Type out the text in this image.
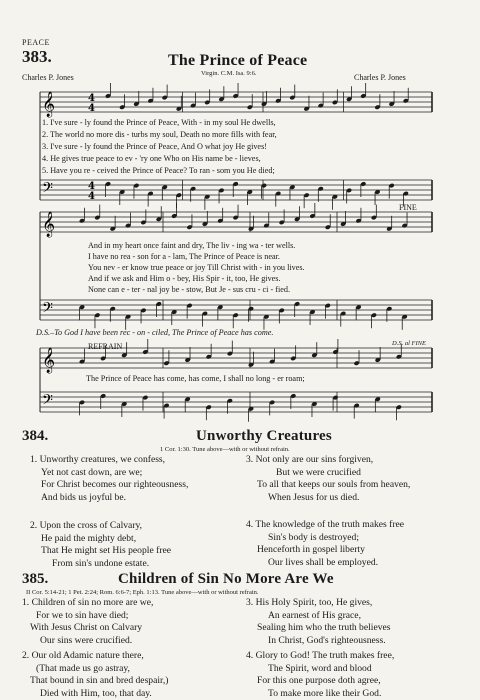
𝄞
𝄢
𝄞
𝄢
𝄞
𝄢
4
4
4
4
PEACE
383.	The Prince of Peace
Virgin. C.M. Isa. 9:6.
Charles P. Jones	Charles P. Jones
1. I've sure - ly found the Prince of Peace, With - in my soul He dwells,
2. The world no more dis - turbs my soul, Death no more fills with fear,
3. I've sure - ly found the Prince of Peace, And O what joy He gives!
4. He gives true peace to ev - 'ry one Who on His name be - lieves,
5. Have you re - ceived the Prince of Peace? To ran - som you He died;
FINE
And in my heart once faint and dry, The liv - ing wa - ter wells.
I have no rea - son for a - lam, The Prince of Peace is near.
You nev - er know true peace or joy Till Christ with - in you lives.
And if we ask and Him o - bey, His Spir - it, too, He gives.
None can e - ter - nal joy be - stow, But Je - sus cru - ci - fied.
D.S.–To God I have been rec - on - ciled, The Prince of Peace has come.
REFRAIN	D.S. al FINE
The Prince of Peace has come, has come, I shall no long - er roam;
384.	Unworthy Creatures
1 Cor. 1:30. Tune above—with or without refrain.
1. Unworthy creatures, we confess,
Yet not cast down, are we;
For Christ becomes our righteousness,
And bids us joyful be.
3. Not only are our sins forgiven,
But we were crucified
To all that keeps our souls from heaven,
When Jesus for us died.
2. Upon the cross of Calvary,
He paid the mighty debt,
That He might set His people free
From sin's undone estate.
4. The knowledge of the truth makes free
Sin's body is destroyed;
Henceforth in gospel liberty
Our lives shall be employed.
385.	Children of Sin No More Are We
II Cor. 5:14-21; 1 Pet. 2:24; Rom. 6:6-7; Eph. 1:13. Tune above—with or without refrain.
1. Children of sin no more are we,
For we to sin have died;
With Jesus Christ on Calvary
Our sins were crucified.
3. His Holy Spirit, too, He gives,
An earnest of His grace,
Sealing him who the truth believes
In Christ, God's righteousness.
2. Our old Adamic nature there,
(That made us go astray,
That bound in sin and bred despair,)
Died with Him, too, that day.
4. Glory to God! The truth makes free,
The Spirit, word and blood
For this one purpose doth agree,
To make more like their God.
